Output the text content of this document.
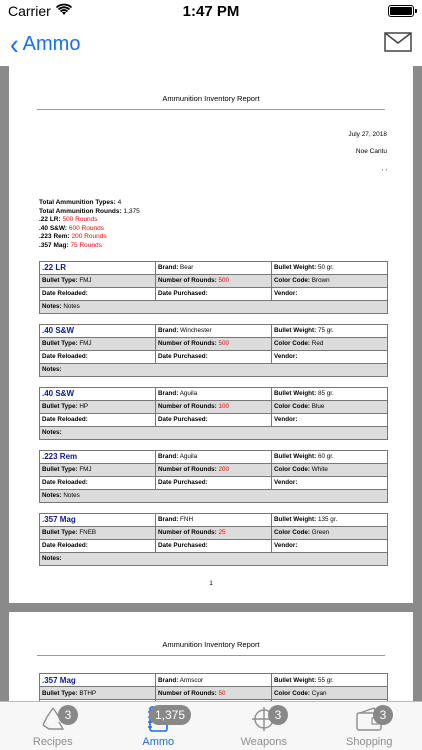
Carrier	1:47 PM
‹ Ammo
Ammunition Inventory Report
July 27, 2018
Noe Cantu
, ,
Total Ammunition Types: 4
Total Ammunition Rounds: 1,375
.22 LR: 500 Rounds
.40 S&W: 600 Rounds
.223 Rem: 200 Rounds
.357 Mag: 75 Rounds
.22 LR	Brand: Bear	Bullet Weight: 50 gr.
Bullet Type: FMJ	Number of Rounds: 500	Color Code: Brown
Date Reloaded:	Date Purchased:	Vendor:
Notes: Notes		
.40 S&W	Brand: Winchester	Bullet Weight: 75 gr.
Bullet Type: FMJ	Number of Rounds: 500	Color Code: Red
Date Reloaded:	Date Purchased:	Vendor:
Notes:		
.40 S&W	Brand: Aguila	Bullet Weight: 85 gr.
Bullet Type: HP	Number of Rounds: 100	Color Code: Blue
Date Reloaded:	Date Purchased:	Vendor:
Notes:		
.223 Rem	Brand: Aguila	Bullet Weight: 60 gr.
Bullet Type: FMJ	Number of Rounds: 200	Color Code: White
Date Reloaded:	Date Purchased:	Vendor:
Notes: Notes		
.357 Mag	Brand: FNH	Bullet Weight: 135 gr.
Bullet Type: FNEB	Number of Rounds: 25	Color Code: Green
Date Reloaded:	Date Purchased:	Vendor:
Notes:		
1
Ammunition Inventory Report
.357 Mag	Brand: Armscor	Bullet Weight: 55 gr.
Bullet Type: BTHP	Number of Rounds: 50	Color Code: Cyan

Recipes
3
Ammo
1,375
Weapons
3
Shopping
3
